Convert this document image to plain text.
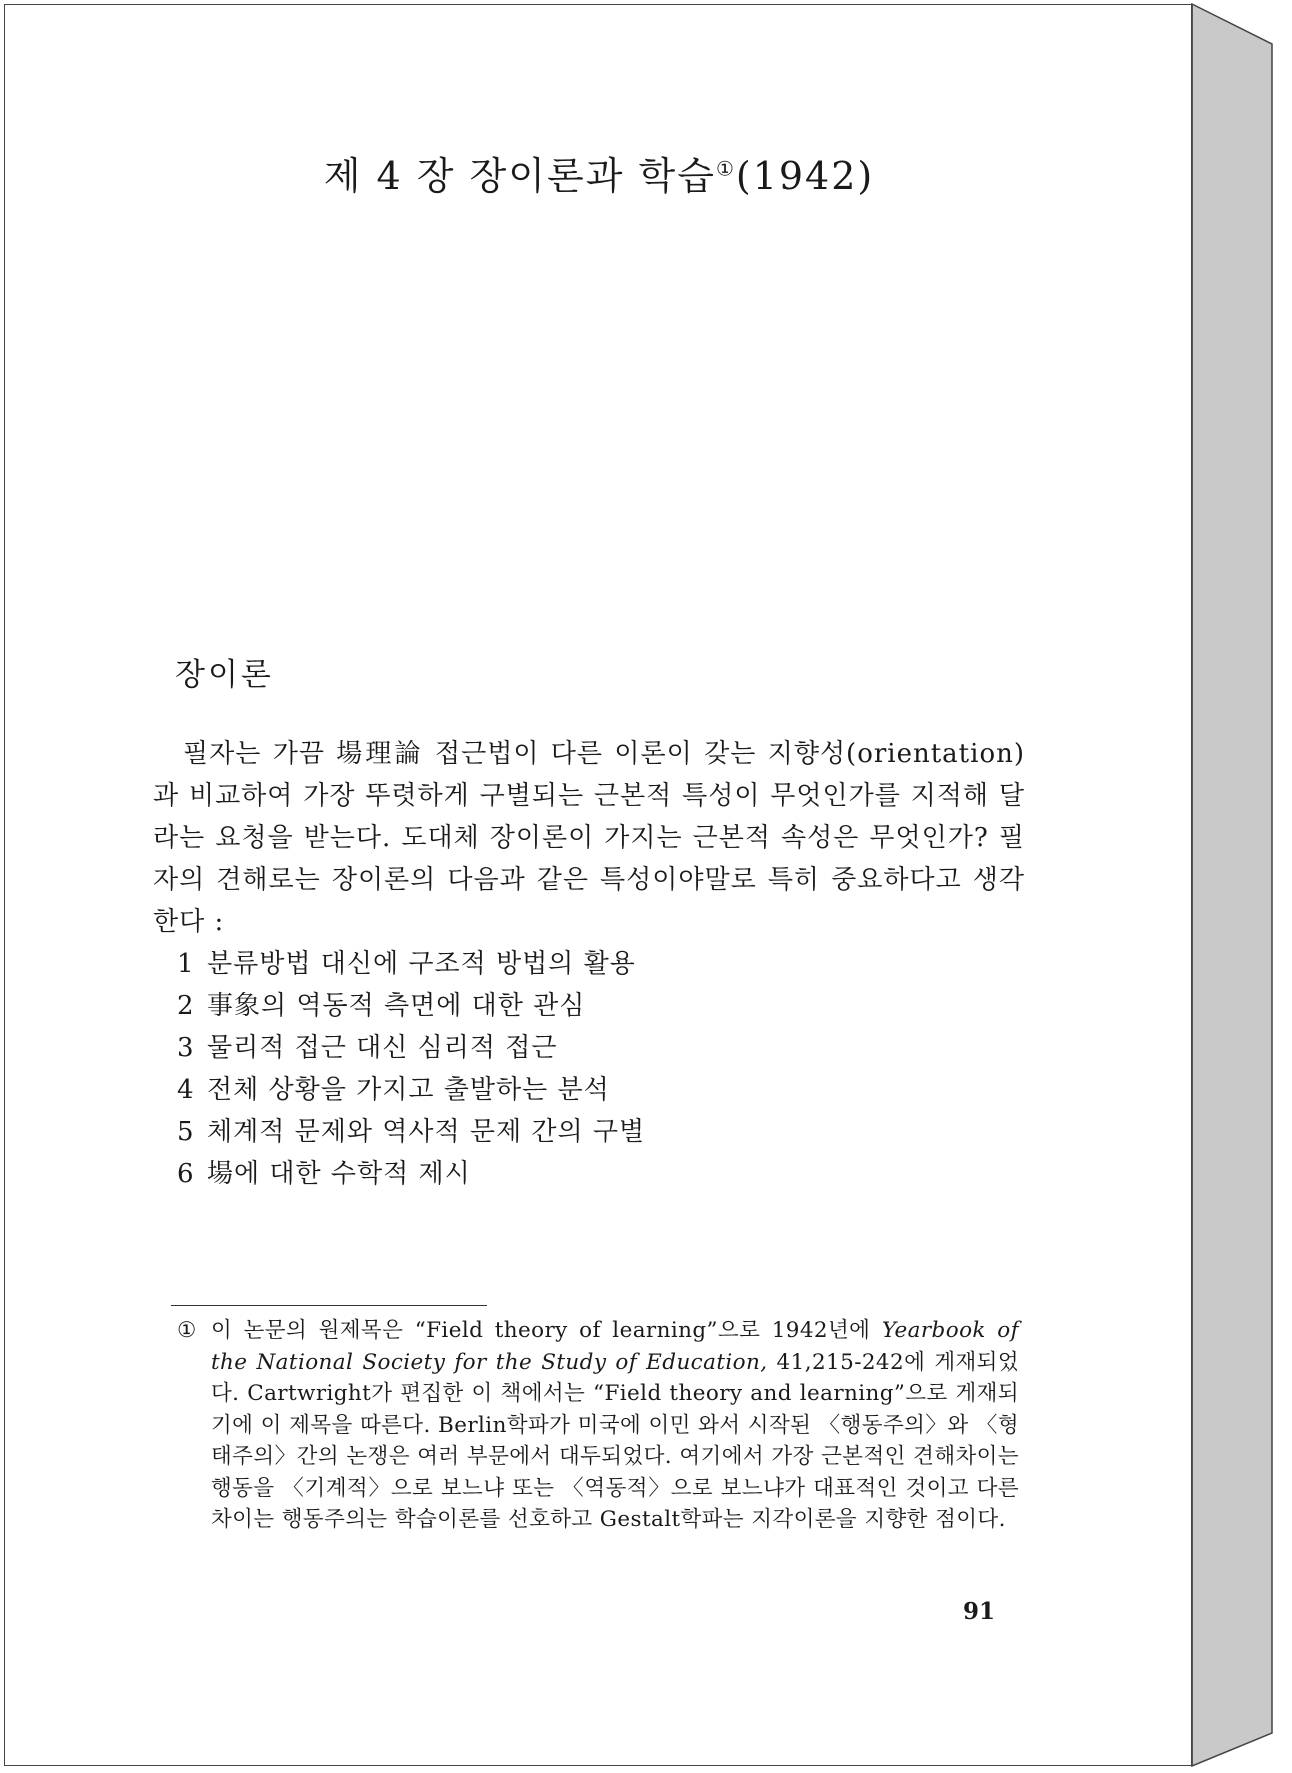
제 4 장 장이론과 학습①(1942)
장이론

필자는 가끔 場理論 접근법이 다른 이론이 갖는 지향성(orientation)과 비교하여 가장 뚜렷하게 구별되는 근본적 특성이 무엇인가를 지적해 달라는 요청을 받는다. 도대체 장이론이 가지는 근본적 속성은 무엇인가? 필자의 견해로는 장이론의 다음과 같은 특성이야말로 특히 중요하다고 생각한다 :

1 분류방법 대신에 구조적 방법의 활용
2 事象의 역동적 측면에 대한 관심
3 물리적 접근 대신 심리적 접근
4 전체 상황을 가지고 출발하는 분석
5 체계적 문제와 역사적 문제 간의 구별
6 場에 대한 수학적 제시
① 이 논문의 원제목은 “Field theory of learning”으로 1942년에 Yearbook of the National Society for the Study of Education, 41,215-242에 게재되었다. Cartwright가 편집한 이 책에서는 “Field theory and learning”으로 게재되기에 이 제목을 따른다. Berlin학파가 미국에 이민 와서 시작된 〈행동주의〉와 〈형태주의〉간의 논쟁은 여러 부문에서 대두되었다. 여기에서 가장 근본적인 견해차이는 행동을 〈기계적〉으로 보느냐 또는 〈역동적〉으로 보느냐가 대표적인 것이고 다른 차이는 행동주의는 학습이론를 선호하고 Gestalt학파는 지각이론을 지향한 점이다.
91
